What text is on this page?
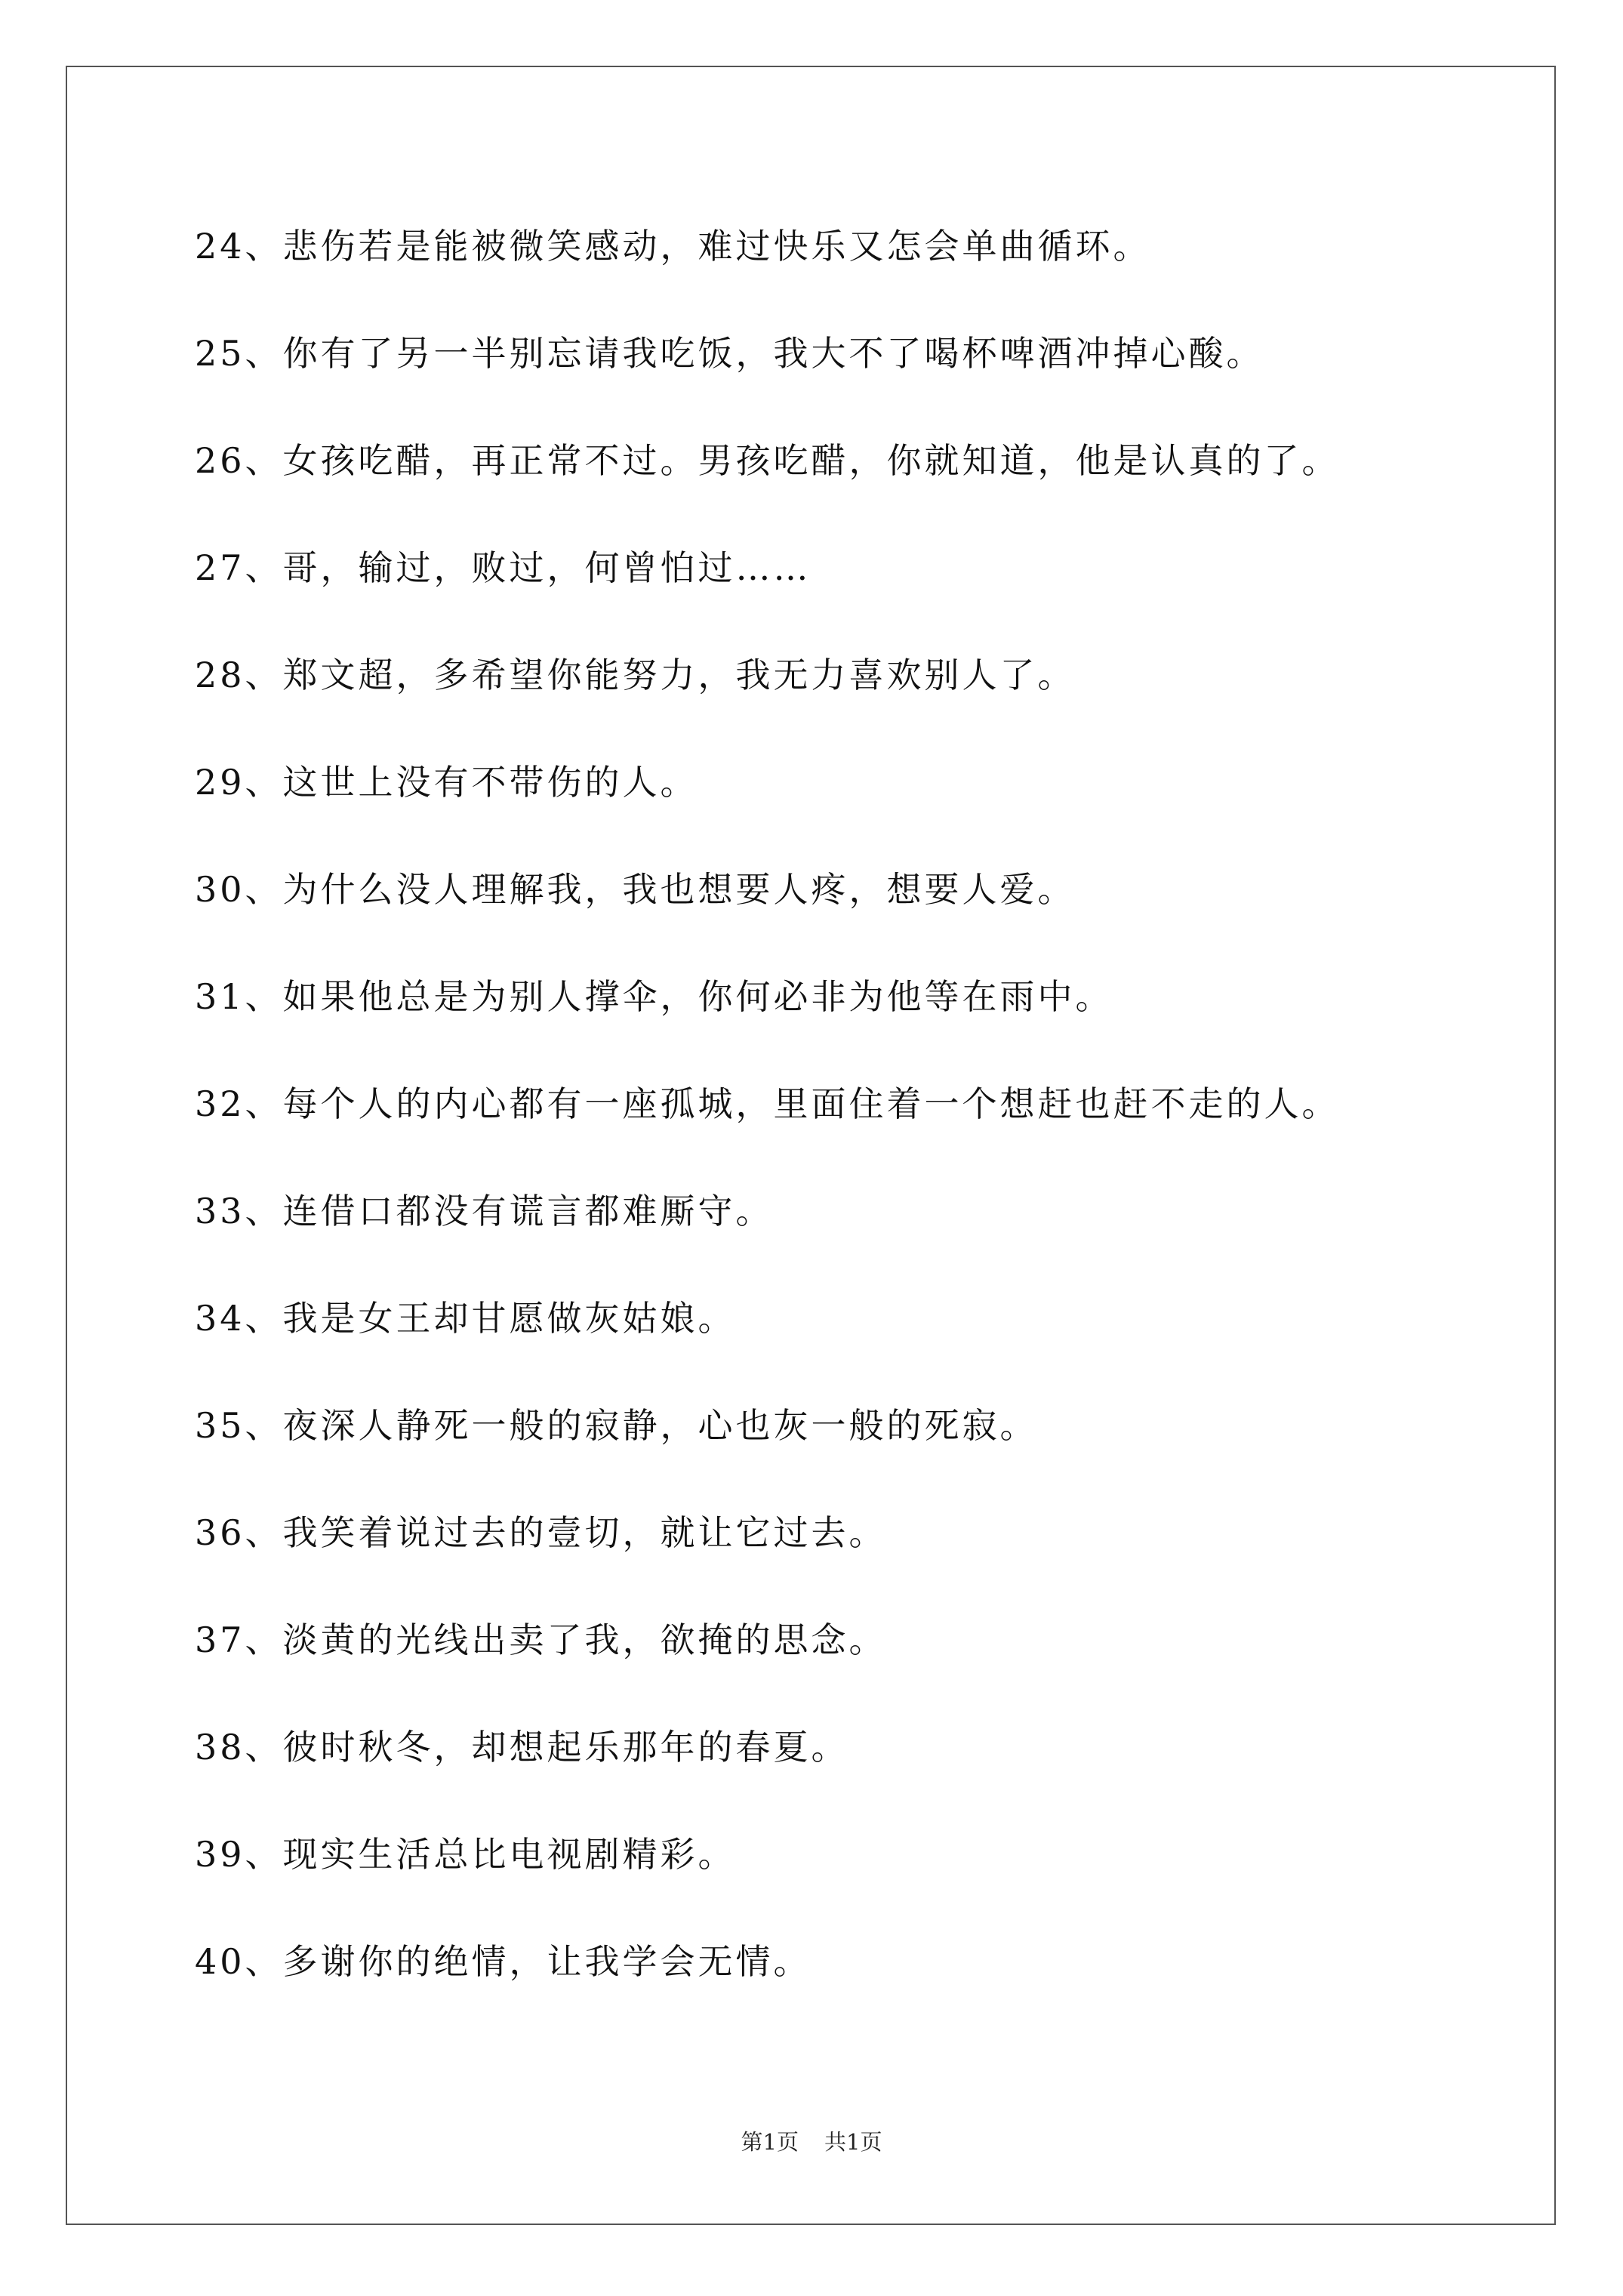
24、悲伤若是能被微笑感动，难过快乐又怎会单曲循环。
25、你有了另一半别忘请我吃饭，我大不了喝杯啤酒冲掉心酸。
26、女孩吃醋，再正常不过。男孩吃醋，你就知道，他是认真的了。
27、哥，输过，败过，何曾怕过……
28、郑文超，多希望你能努力，我无力喜欢别人了。
29、这世上没有不带伤的人。
30、为什么没人理解我，我也想要人疼，想要人爱。
31、如果他总是为别人撑伞，你何必非为他等在雨中。
32、每个人的内心都有一座孤城，里面住着一个想赶也赶不走的人。
33、连借口都没有谎言都难厮守。
34、我是女王却甘愿做灰姑娘。
35、夜深人静死一般的寂静，心也灰一般的死寂。
36、我笑着说过去的壹切，就让它过去。
37、淡黄的光线出卖了我，欲掩的思念。
38、彼时秋冬，却想起乐那年的春夏。
39、现实生活总比电视剧精彩。
40、多谢你的绝情，让我学会无情。
第1页 共1页
